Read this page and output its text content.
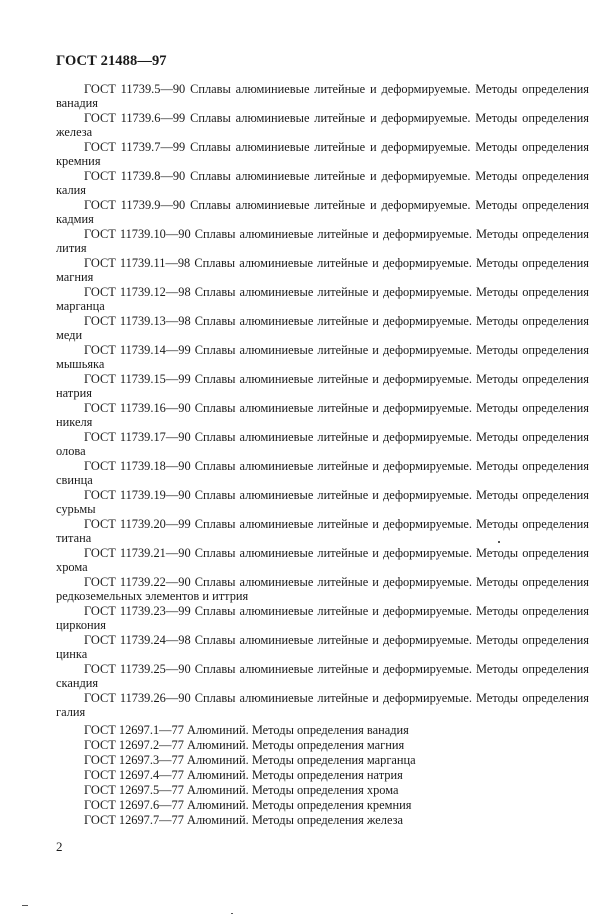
ГОСТ 21488—97
ГОСТ 11739.5—90 Сплавы алюминиевые литейные и деформируемые. Методы определения
ванадия
ГОСТ 11739.6—99 Сплавы алюминиевые литейные и деформируемые. Методы определения
железа
ГОСТ 11739.7—99 Сплавы алюминиевые литейные и деформируемые. Методы определения
кремния
ГОСТ 11739.8—90 Сплавы алюминиевые литейные и деформируемые. Методы определения
калия
ГОСТ 11739.9—90 Сплавы алюминиевые литейные и деформируемые. Методы определения
кадмия
ГОСТ 11739.10—90 Сплавы алюминиевые литейные и деформируемые. Методы определения
лития
ГОСТ 11739.11—98 Сплавы алюминиевые литейные и деформируемые. Методы определения
магния
ГОСТ 11739.12—98 Сплавы алюминиевые литейные и деформируемые. Методы определения
марганца
ГОСТ 11739.13—98 Сплавы алюминиевые литейные и деформируемые. Методы определения
меди
ГОСТ 11739.14—99 Сплавы алюминиевые литейные и деформируемые. Методы определения
мышьяка
ГОСТ 11739.15—99 Сплавы алюминиевые литейные и деформируемые. Методы определения
натрия
ГОСТ 11739.16—90 Сплавы алюминиевые литейные и деформируемые. Методы определения
никеля
ГОСТ 11739.17—90 Сплавы алюминиевые литейные и деформируемые. Методы определения
олова
ГОСТ 11739.18—90 Сплавы алюминиевые литейные и деформируемые. Методы определения
свинца
ГОСТ 11739.19—90 Сплавы алюминиевые литейные и деформируемые. Методы определения
сурьмы
ГОСТ 11739.20—99 Сплавы алюминиевые литейные и деформируемые. Методы определения
титана
ГОСТ 11739.21—90 Сплавы алюминиевые литейные и деформируемые. Методы определения
хрома
ГОСТ 11739.22—90 Сплавы алюминиевые литейные и деформируемые. Методы определения
редкоземельных элементов и иттрия
ГОСТ 11739.23—99 Сплавы алюминиевые литейные и деформируемые. Методы определения
циркония
ГОСТ 11739.24—98 Сплавы алюминиевые литейные и деформируемые. Методы определения
цинка
ГОСТ 11739.25—90 Сплавы алюминиевые литейные и деформируемые. Методы определения
скандия
ГОСТ 11739.26—90 Сплавы алюминиевые литейные и деформируемые. Методы определения
галия
ГОСТ 12697.1—77 Алюминий. Методы определения ванадия
ГОСТ 12697.2—77 Алюминий. Методы определения магния
ГОСТ 12697.3—77 Алюминий. Методы определения марганца
ГОСТ 12697.4—77 Алюминий. Методы определения натрия
ГОСТ 12697.5—77 Алюминий. Методы определения хрома
ГОСТ 12697.6—77 Алюминий. Методы определения кремния
ГОСТ 12697.7—77 Алюминий. Методы определения железа
2
